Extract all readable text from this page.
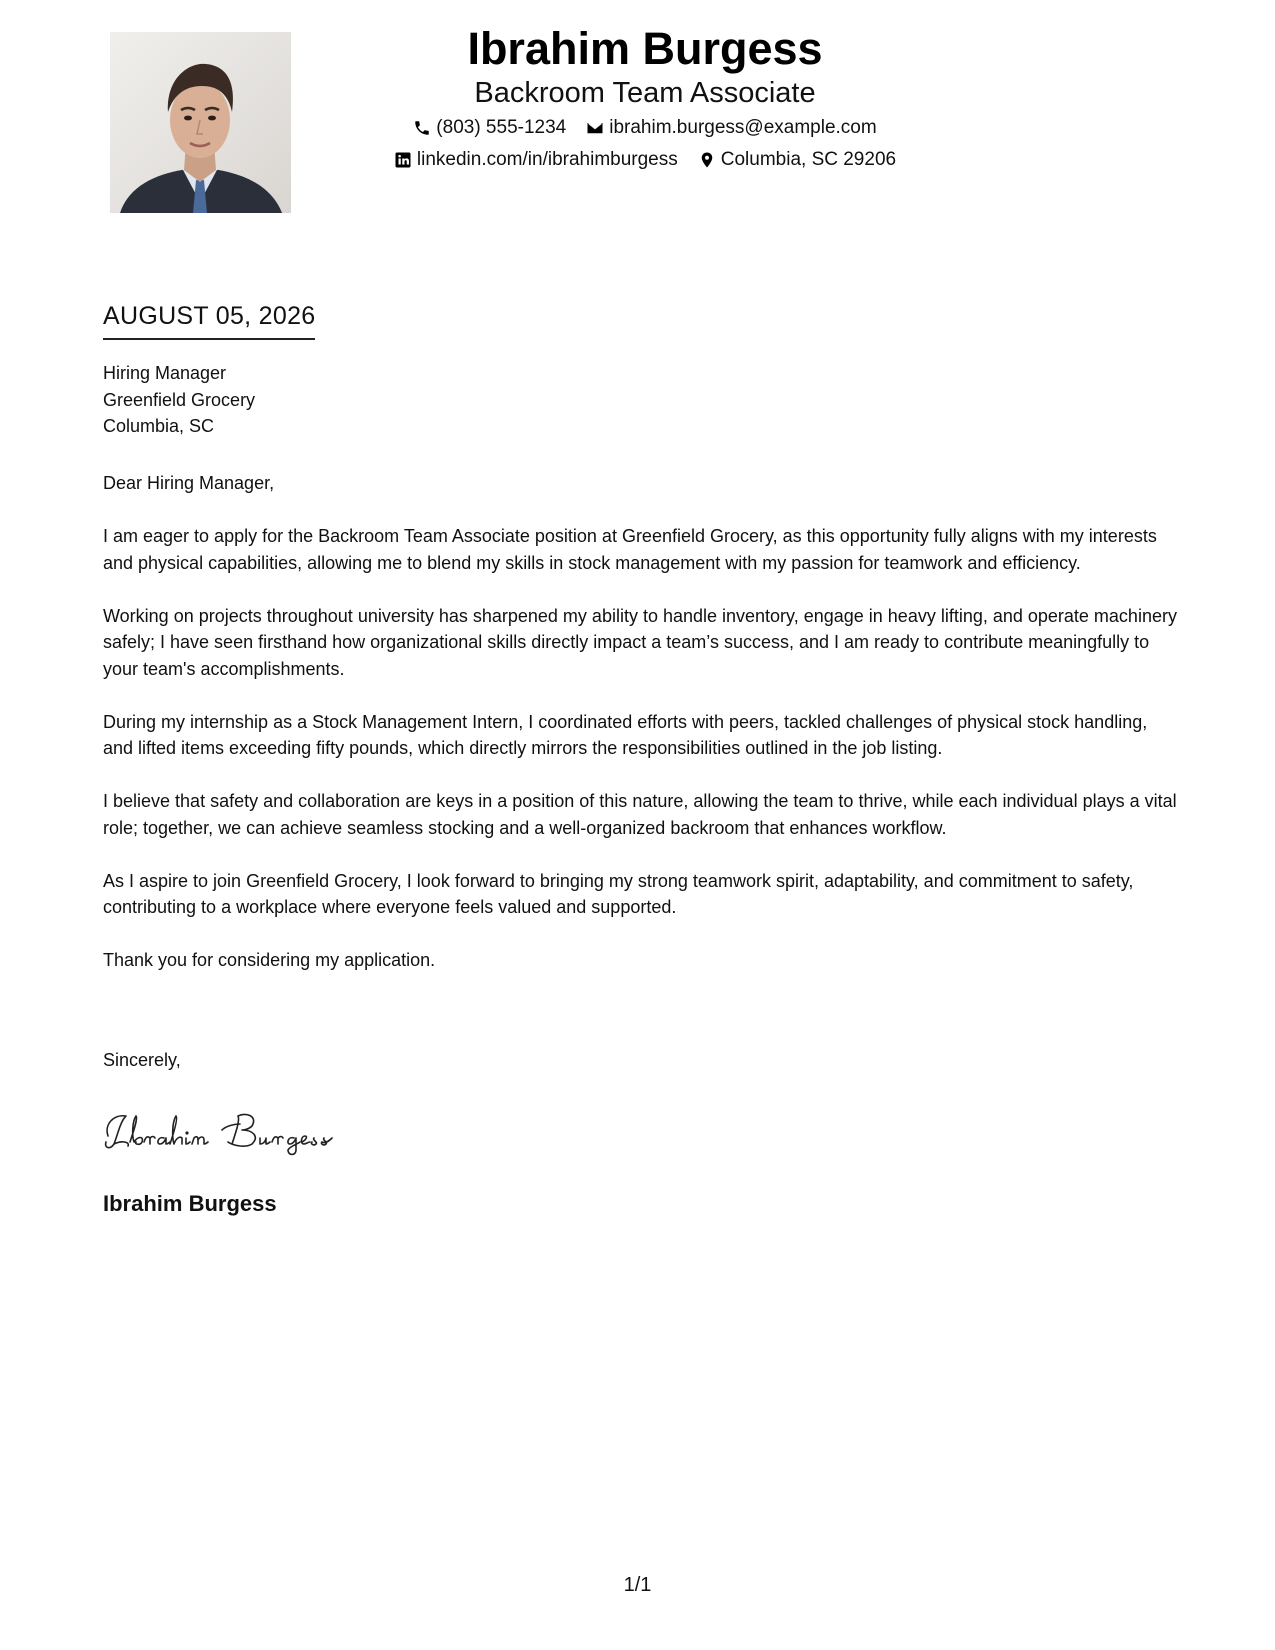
Ibrahim Burgess
Backroom Team Associate
(803) 555-1234 ibrahim.burgess@example.com
linkedin.com/in/ibrahimburgess Columbia, SC 29206
AUGUST 05, 2026
Hiring Manager
Greenfield Grocery
Columbia, SC

Dear Hiring Manager,

I am eager to apply for the Backroom Team Associate position at Greenfield Grocery, as this opportunity fully aligns with my interests and physical capabilities, allowing me to blend my skills in stock management with my passion for teamwork and efficiency.

Working on projects throughout university has sharpened my ability to handle inventory, engage in heavy lifting, and operate machinery safely; I have seen firsthand how organizational skills directly impact a team’s success, and I am ready to contribute meaningfully to your team's accomplishments.

During my internship as a Stock Management Intern, I coordinated efforts with peers, tackled challenges of physical stock handling, and lifted items exceeding fifty pounds, which directly mirrors the responsibilities outlined in the job listing.

I believe that safety and collaboration are keys in a position of this nature, allowing the team to thrive, while each individual plays a vital role; together, we can achieve seamless stocking and a well-organized backroom that enhances workflow.

As I aspire to join Greenfield Grocery, I look forward to bringing my strong teamwork spirit, adaptability, and commitment to safety, contributing to a workplace where everyone feels valued and supported.

Thank you for considering my application.

Sincerely,
Ibrahim Burgess
1/1
